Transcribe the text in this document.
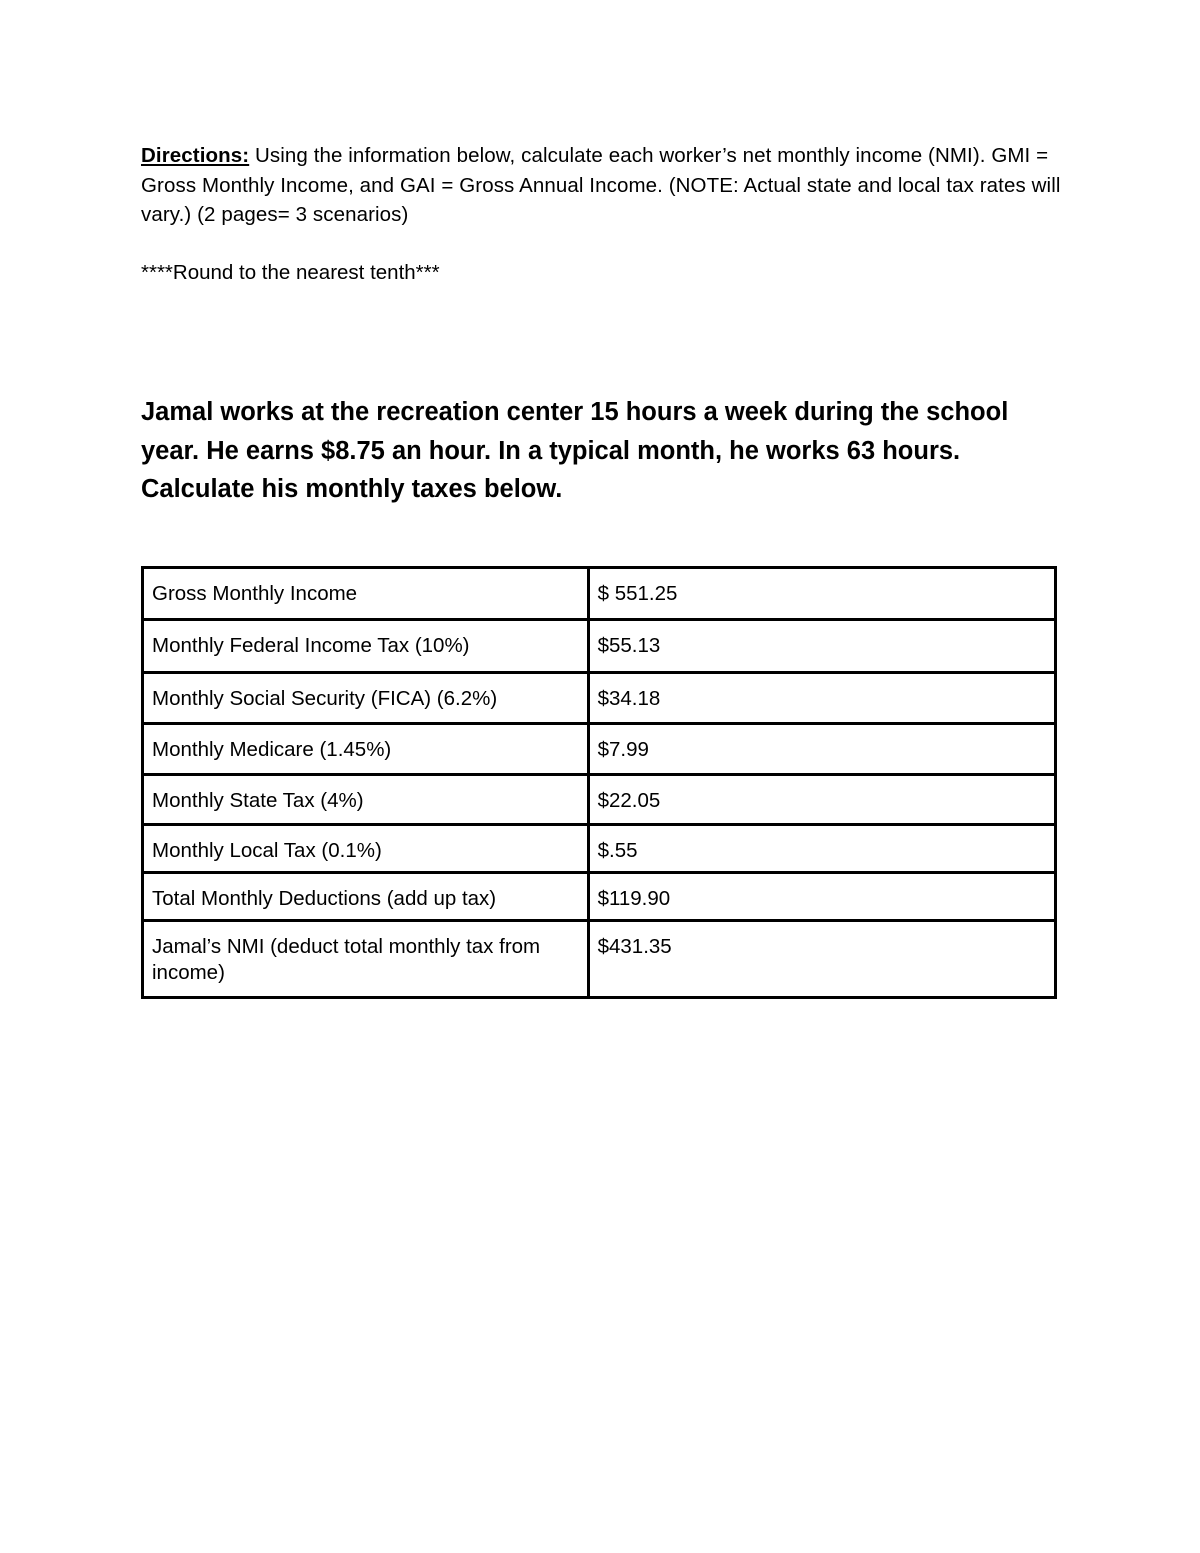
Directions: Using the information below, calculate each worker’s net monthly income (NMI). GMI = Gross Monthly Income, and GAI = Gross Annual Income. (NOTE: Actual state and local tax rates will vary.) (2 pages= 3 scenarios)
****Round to the nearest tenth***
Jamal works at the recreation center 15 hours a week during the school year. He earns $8.75 an hour. In a typical month, he works 63 hours. Calculate his monthly taxes below.
Gross Monthly Income	$ 551.25
Monthly Federal Income Tax (10%)	$55.13
Monthly Social Security (FICA) (6.2%)	$34.18
Monthly Medicare (1.45%)	$7.99
Monthly State Tax (4%)	$22.05
Monthly Local Tax (0.1%)	$.55
Total Monthly Deductions (add up tax)	$119.90
Jamal’s NMI (deduct total monthly tax from income)	$431.35
